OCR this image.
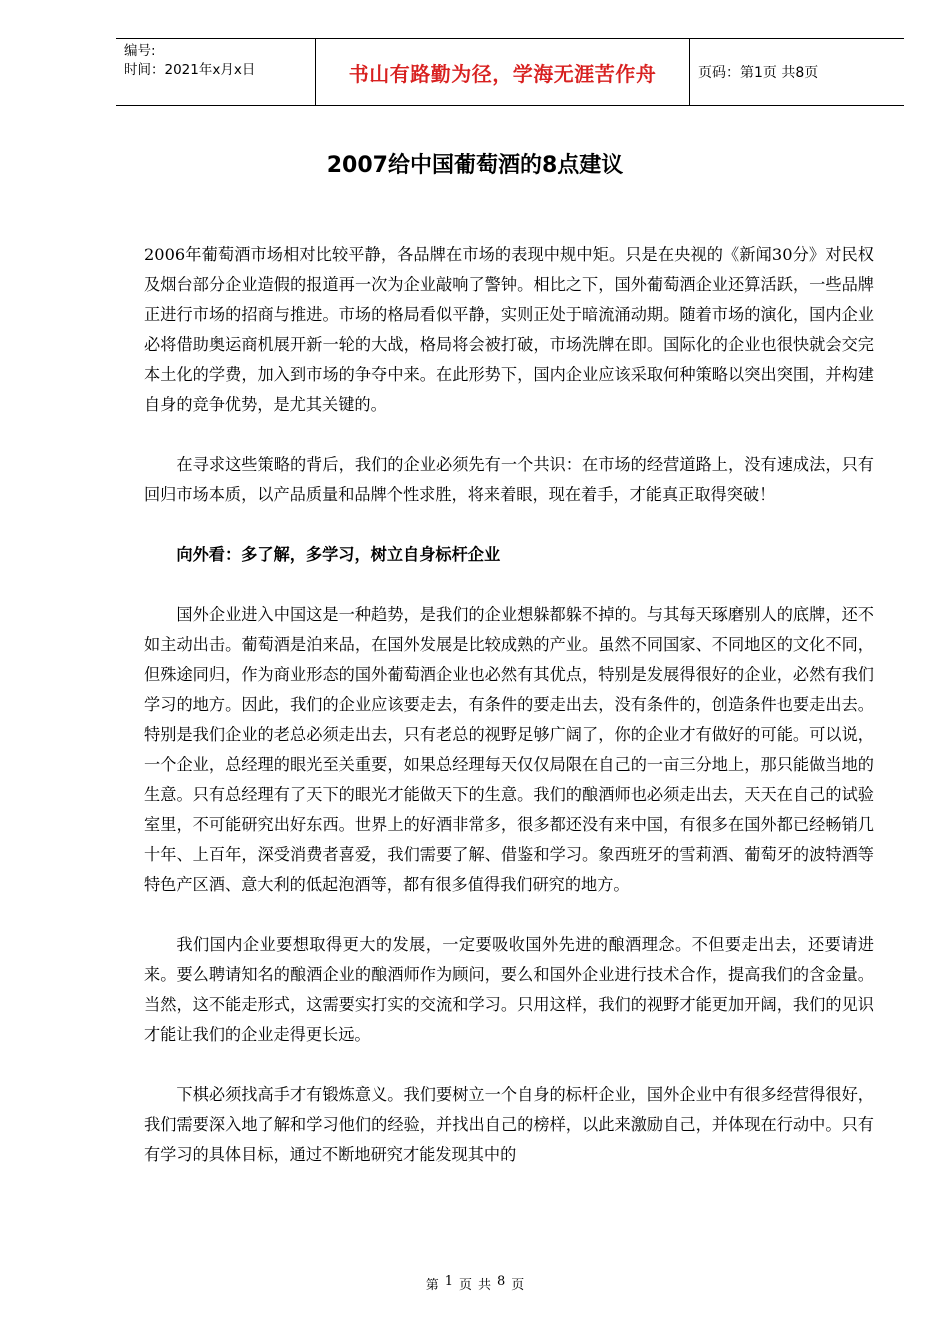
编号:
时间：2021年x月x日	书山有路勤为径，学海无涯苦作舟	页码：第1页 共8页
2007给中国葡萄酒的8点建议

2006年葡萄酒市场相对比较平静，各品牌在市场的表现中规中矩。只是在央视的《新闻30分》对民权及烟台部分企业造假的报道再一次为企业敲响了警钟。相比之下，国外葡萄酒企业还算活跃，一些品牌正进行市场的招商与推进。市场的格局看似平静，实则正处于暗流涌动期。随着市场的演化，国内企业必将借助奥运商机展开新一轮的大战，格局将会被打破，市场洗牌在即。国际化的企业也很快就会交完本土化的学费，加入到市场的争夺中来。在此形势下，国内企业应该采取何种策略以突出突围，并构建自身的竞争优势，是尤其关键的。

在寻求这些策略的背后，我们的企业必须先有一个共识：在市场的经营道路上，没有速成法，只有回归市场本质，以产品质量和品牌个性求胜，将来着眼，现在着手，才能真正取得突破！

向外看：多了解，多学习，树立自身标杆企业

国外企业进入中国这是一种趋势，是我们的企业想躲都躲不掉的。与其每天琢磨别人的底牌，还不如主动出击。葡萄酒是泊来品，在国外发展是比较成熟的产业。虽然不同国家、不同地区的文化不同，但殊途同归，作为商业形态的国外葡萄酒企业也必然有其优点，特别是发展得很好的企业，必然有我们学习的地方。因此，我们的企业应该要走去，有条件的要走出去，没有条件的，创造条件也要走出去。特别是我们企业的老总必须走出去，只有老总的视野足够广阔了，你的企业才有做好的可能。可以说，一个企业，总经理的眼光至关重要，如果总经理每天仅仅局限在自己的一亩三分地上，那只能做当地的生意。只有总经理有了天下的眼光才能做天下的生意。我们的酿酒师也必须走出去，天天在自己的试验室里，不可能研究出好东西。世界上的好酒非常多，很多都还没有来中国，有很多在国外都已经畅销几十年、上百年，深受消费者喜爱，我们需要了解、借鉴和学习。象西班牙的雪莉酒、葡萄牙的波特酒等特色产区酒、意大利的低起泡酒等，都有很多值得我们研究的地方。

我们国内企业要想取得更大的发展，一定要吸收国外先进的酿酒理念。不但要走出去，还要请进来。要么聘请知名的酿酒企业的酿酒师作为顾问，要么和国外企业进行技术合作，提高我们的含金量。当然，这不能走形式，这需要实打实的交流和学习。只用这样，我们的视野才能更加开阔，我们的见识才能让我们的企业走得更长远。

下棋必须找高手才有锻炼意义。我们要树立一个自身的标杆企业，国外企业中有很多经营得很好，我们需要深入地了解和学习他们的经验，并找出自己的榜样，以此来激励自己，并体现在行动中。只有有学习的具体目标，通过不断地研究才能发现其中的

第 1 页 共 8 页
